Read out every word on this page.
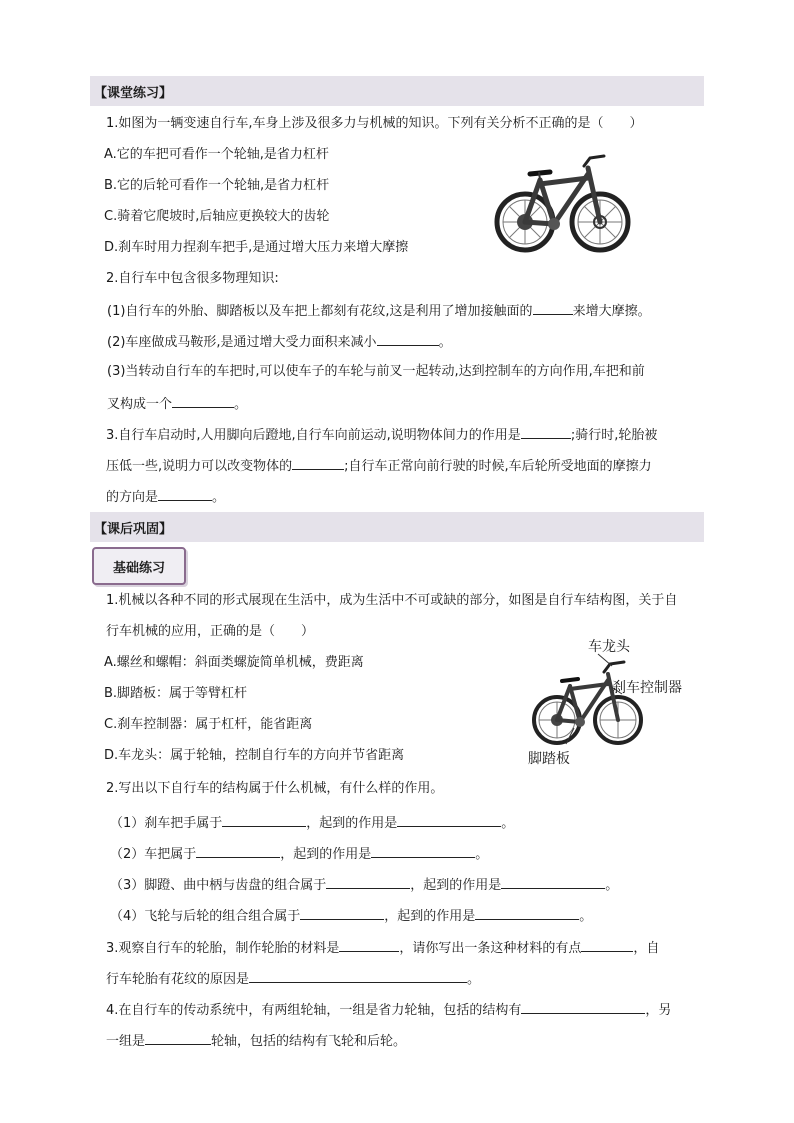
【课堂练习】
1.如图为一辆变速自行车,车身上涉及很多力与机械的知识。下列有关分析不正确的是（　　）
A.它的车把可看作一个轮轴,是省力杠杆
B.它的后轮可看作一个轮轴,是省力杠杆
C.骑着它爬坡时,后轴应更换较大的齿轮
D.刹车时用力捏刹车把手,是通过增大压力来增大摩擦
2.自行车中包含很多物理知识:
(1)自行车的外胎、脚踏板以及车把上都刻有花纹,这是利用了增加接触面的	来增大摩擦。
(2)车座做成马鞍形,是通过增大受力面积来减小	。
(3)当转动自行车的车把时,可以使车子的车轮与前叉一起转动,达到控制车的方向作用,车把和前
叉构成一个	。
3.自行车启动时,人用脚向后蹬地,自行车向前运动,说明物体间力的作用是	;骑行时,轮胎被
压低一些,说明力可以改变物体的	;自行车正常向前行驶的时候,车后轮所受地面的摩擦力
的方向是	。
【课后巩固】
基础练习
1.机械以各种不同的形式展现在生活中，成为生活中不可或缺的部分，如图是自行车结构图，关于自
行车机械的应用，正确的是（　　）
A.螺丝和螺帽：斜面类螺旋简单机械，费距离
B.脚踏板：属于等臂杠杆
C.刹车控制器：属于杠杆，能省距离
D.车龙头：属于轮轴，控制自行车的方向并节省距离
车龙头
刹车控制器
脚踏板
2.写出以下自行车的结构属于什么机械，有什么样的作用。
（1）刹车把手属于	，起到的作用是	。
（2）车把属于	，起到的作用是	。
（3）脚蹬、曲中柄与齿盘的组合属于	，起到的作用是	。
（4）飞轮与后轮的组合组合属于	，起到的作用是	。
3.观察自行车的轮胎，制作轮胎的材料是	，请你写出一条这种材料的有点	，自
行车轮胎有花纹的原因是	。
4.在自行车的传动系统中，有两组轮轴，一组是省力轮轴，包括的结构有	，另
一组是	轮轴，包括的结构有飞轮和后轮。
